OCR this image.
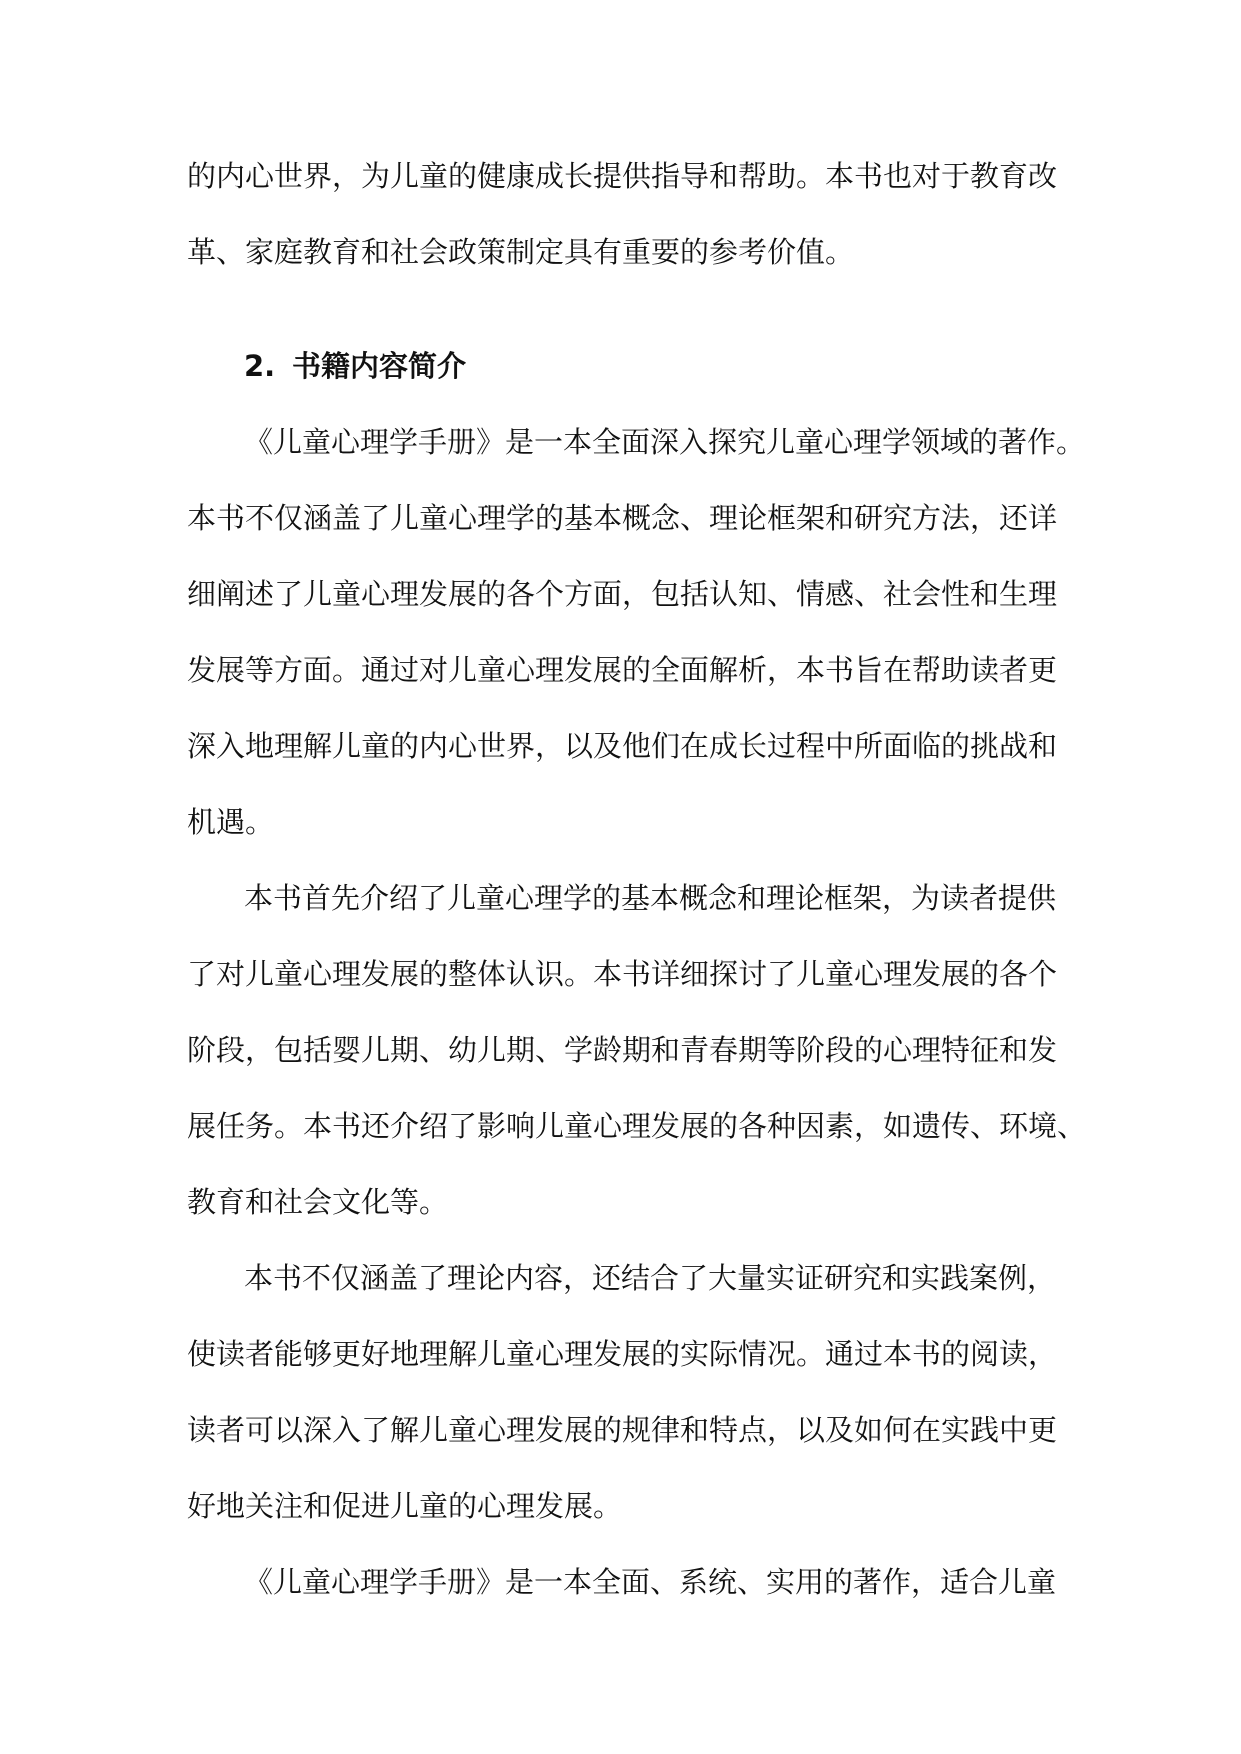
的内心世界，为儿童的健康成长提供指导和帮助。本书也对于教育改
革、家庭教育和社会政策制定具有重要的参考价值。
2. 书籍内容简介
《儿童心理学手册》是一本全面深入探究儿童心理学领域的著作。
本书不仅涵盖了儿童心理学的基本概念、理论框架和研究方法，还详
细阐述了儿童心理发展的各个方面，包括认知、情感、社会性和生理
发展等方面。通过对儿童心理发展的全面解析，本书旨在帮助读者更
深入地理解儿童的内心世界，以及他们在成长过程中所面临的挑战和
机遇。
本书首先介绍了儿童心理学的基本概念和理论框架，为读者提供
了对儿童心理发展的整体认识。本书详细探讨了儿童心理发展的各个
阶段，包括婴儿期、幼儿期、学龄期和青春期等阶段的心理特征和发
展任务。本书还介绍了影响儿童心理发展的各种因素，如遗传、环境、
教育和社会文化等。
本书不仅涵盖了理论内容，还结合了大量实证研究和实践案例，
使读者能够更好地理解儿童心理发展的实际情况。通过本书的阅读，
读者可以深入了解儿童心理发展的规律和特点，以及如何在实践中更
好地关注和促进儿童的心理发展。
《儿童心理学手册》是一本全面、系统、实用的著作，适合儿童
